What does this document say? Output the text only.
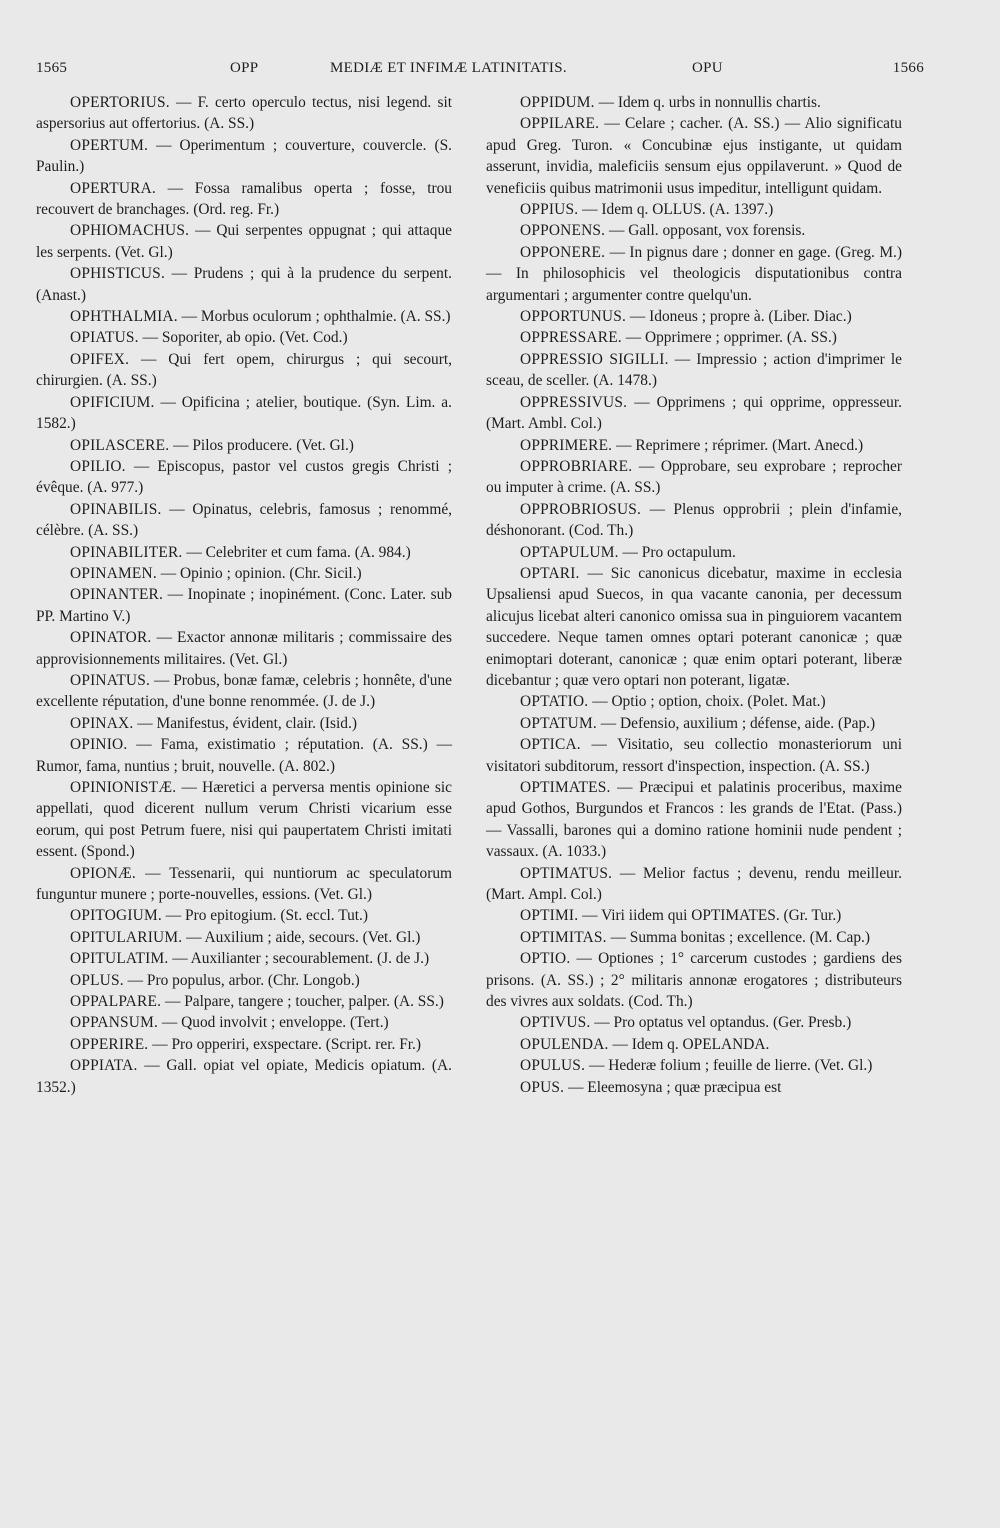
1565	OPP	MEDIÆ ET INFIMÆ LATINITATIS.	OPU	1566

OPERTORIUS. — F. certo operculo tectus, nisi legend. sit aspersorius aut offertorius. (A. SS.)

OPERTUM. — Operimentum ; couverture, couvercle. (S. Paulin.)

OPERTURA. — Fossa ramalibus operta ; fosse, trou recouvert de branchages. (Ord. reg. Fr.)

OPHIOMACHUS. — Qui serpentes oppugnat ; qui attaque les serpents. (Vet. Gl.)

OPHISTICUS. — Prudens ; qui à la prudence du serpent. (Anast.)

OPHTHALMIA. — Morbus oculorum ; ophthalmie. (A. SS.)

OPIATUS. — Soporiter, ab opio. (Vet. Cod.)

OPIFEX. — Qui fert opem, chirurgus ; qui secourt, chirurgien. (A. SS.)

OPIFICIUM. — Opificina ; atelier, boutique. (Syn. Lim. a. 1582.)

OPILASCERE. — Pilos producere. (Vet. Gl.)

OPILIO. — Episcopus, pastor vel custos gregis Christi ; évêque. (A. 977.)

OPINABILIS. — Opinatus, celebris, famosus ; renommé, célèbre. (A. SS.)

OPINABILITER. — Celebriter et cum fama. (A. 984.)

OPINAMEN. — Opinio ; opinion. (Chr. Sicil.)

OPINANTER. — Inopinate ; inopinément. (Conc. Later. sub PP. Martino V.)

OPINATOR. — Exactor annonæ militaris ; commissaire des approvisionnements militaires. (Vet. Gl.)

OPINATUS. — Probus, bonæ famæ, celebris ; honnête, d'une excellente réputation, d'une bonne renommée. (J. de J.)

OPINAX. — Manifestus, évident, clair. (Isid.)

OPINIO. — Fama, existimatio ; réputation. (A. SS.) — Rumor, fama, nuntius ; bruit, nouvelle. (A. 802.)

OPINIONISTÆ. — Hæretici a perversa mentis opinione sic appellati, quod dicerent nullum verum Christi vicarium esse eorum, qui post Petrum fuere, nisi qui paupertatem Christi imitati essent. (Spond.)

OPIONÆ. — Tessenarii, qui nuntiorum ac speculatorum funguntur munere ; porte-nouvelles, essions. (Vet. Gl.)

OPITOGIUM. — Pro epitogium. (St. eccl. Tut.)

OPITULARIUM. — Auxilium ; aide, secours. (Vet. Gl.)

OPITULATIM. — Auxilianter ; secourablement. (J. de J.)

OPLUS. — Pro populus, arbor. (Chr. Longob.)

OPPALPARE. — Palpare, tangere ; toucher, palper. (A. SS.)

OPPANSUM. — Quod involvit ; enveloppe. (Tert.)

OPPERIRE. — Pro opperiri, exspectare. (Script. rer. Fr.)

OPPIATA. — Gall. opiat vel opiate, Medicis opiatum. (A. 1352.)

OPPIDUM. — Idem q. urbs in nonnullis chartis.

OPPILARE. — Celare ; cacher. (A. SS.) — Alio significatu apud Greg. Turon. « Concubinæ ejus instigante, ut quidam asserunt, invidia, maleficiis sensum ejus oppilaverunt. » Quod de veneficiis quibus matrimonii usus impeditur, intelligunt quidam.

OPPIUS. — Idem q. OLLUS. (A. 1397.)

OPPONENS. — Gall. opposant, vox forensis.

OPPONERE. — In pignus dare ; donner en gage. (Greg. M.) — In philosophicis vel theologicis disputationibus contra argumentari ; argumenter contre quelqu'un.

OPPORTUNUS. — Idoneus ; propre à. (Liber. Diac.)

OPPRESSARE. — Opprimere ; opprimer. (A. SS.)

OPPRESSIO SIGILLI. — Impressio ; action d'imprimer le sceau, de sceller. (A. 1478.)

OPPRESSIVUS. — Opprimens ; qui opprime, oppresseur. (Mart. Ambl. Col.)

OPPRIMERE. — Reprimere ; réprimer. (Mart. Anecd.)

OPPROBRIARE. — Opprobare, seu exprobare ; reprocher ou imputer à crime. (A. SS.)

OPPROBRIOSUS. — Plenus opprobrii ; plein d'infamie, déshonorant. (Cod. Th.)

OPTAPULUM. — Pro octapulum.

OPTARI. — Sic canonicus dicebatur, maxime in ecclesia Upsaliensi apud Suecos, in qua vacante canonia, per decessum alicujus licebat alteri canonico omissa sua in pinguiorem vacantem succedere. Neque tamen omnes optari poterant canonicæ ; quæ enimoptari doterant, canonicæ ; quæ enim optari poterant, liberæ dicebantur ; quæ vero optari non poterant, ligatæ.

OPTATIO. — Optio ; option, choix. (Polet. Mat.)

OPTATUM. — Defensio, auxilium ; défense, aide. (Pap.)

OPTICA. — Visitatio, seu collectio monasteriorum uni visitatori subditorum, ressort d'inspection, inspection. (A. SS.)

OPTIMATES. — Præcipui et palatinis proceribus, maxime apud Gothos, Burgundos et Francos : les grands de l'Etat. (Pass.) — Vassalli, barones qui a domino ratione hominii nude pendent ; vassaux. (A. 1033.)

OPTIMATUS. — Melior factus ; devenu, rendu meilleur. (Mart. Ampl. Col.)

OPTIMI. — Viri iidem qui OPTIMATES. (Gr. Tur.)

OPTIMITAS. — Summa bonitas ; excellence. (M. Cap.)

OPTIO. — Optiones ; 1° carcerum custodes ; gardiens des prisons. (A. SS.) ; 2° militaris annonæ erogatores ; distributeurs des vivres aux soldats. (Cod. Th.)

OPTIVUS. — Pro optatus vel optandus. (Ger. Presb.)

OPULENDA. — Idem q. OPELANDA.

OPULUS. — Hederæ folium ; feuille de lierre. (Vet. Gl.)

OPUS. — Eleemosyna ; quæ præcipua est
